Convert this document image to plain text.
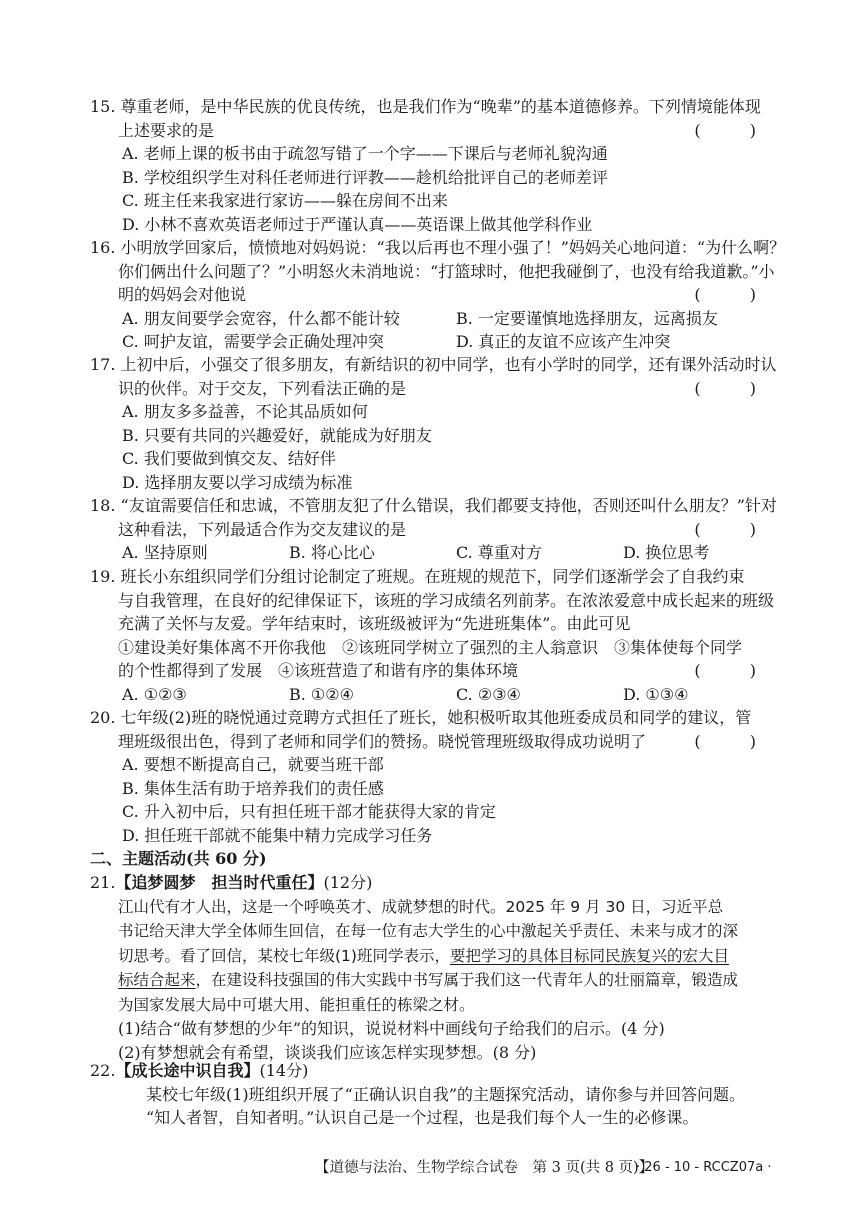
15. 尊重老师，是中华民族的优良传统，也是我们作为“晚辈”的基本道德修养。下列情境能体现
上述要求的是	( )
A. 老师上课的板书由于疏忽写错了一个字——下课后与老师礼貌沟通
B. 学校组织学生对科任老师进行评教——趁机给批评自己的老师差评
C. 班主任来我家进行家访——躲在房间不出来
D. 小林不喜欢英语老师过于严谨认真——英语课上做其他学科作业
16. 小明放学回家后，愤愤地对妈妈说：“我以后再也不理小强了！”妈妈关心地问道：“为什么啊？
你们俩出什么问题了？”小明怒火未消地说：“打篮球时，他把我碰倒了，也没有给我道歉。”小
明的妈妈会对他说	( )
A. 朋友间要学会宽容，什么都不能计较	B. 一定要谨慎地选择朋友，远离损友
C. 呵护友谊，需要学会正确处理冲突	D. 真正的友谊不应该产生冲突
17. 上初中后，小强交了很多朋友，有新结识的初中同学，也有小学时的同学，还有课外活动时认
识的伙伴。对于交友，下列看法正确的是	( )
A. 朋友多多益善，不论其品质如何
B. 只要有共同的兴趣爱好，就能成为好朋友
C. 我们要做到慎交友、结好伴
D. 选择朋友要以学习成绩为标准
18. “友谊需要信任和忠诚，不管朋友犯了什么错误，我们都要支持他，否则还叫什么朋友？”针对
这种看法，下列最适合作为交友建议的是	( )
A. 坚持原则	B. 将心比心	C. 尊重对方	D. 换位思考
19. 班长小东组织同学们分组讨论制定了班规。在班规的规范下，同学们逐渐学会了自我约束
与自我管理，在良好的纪律保证下，该班的学习成绩名列前茅。在浓浓爱意中成长起来的班级
充满了关怀与友爱。学年结束时，该班级被评为“先进班集体”。由此可见
①建设美好集体离不开你我他　②该班同学树立了强烈的主人翁意识　③集体使每个同学
的个性都得到了发展　④该班营造了和谐有序的集体环境	( )
A. ①②③	B. ①②④	C. ②③④	D. ①③④
20. 七年级(2)班的晓悦通过竞聘方式担任了班长，她积极听取其他班委成员和同学的建议，管
理班级很出色，得到了老师和同学们的赞扬。晓悦管理班级取得成功说明了	( )
A. 要想不断提高自己，就要当班干部
B. 集体生活有助于培养我们的责任感
C. 升入初中后，只有担任班干部才能获得大家的肯定
D. 担任班干部就不能集中精力完成学习任务
二、主题活动(共 60 分)
21.【追梦圆梦　担当时代重任】(12分)
江山代有才人出，这是一个呼唤英才、成就梦想的时代。2025 年 9 月 30 日，习近平总
书记给天津大学全体师生回信，在每一位有志大学生的心中激起关乎责任、未来与成才的深
切思考。看了回信，某校七年级(1)班同学表示，要把学习的具体目标同民族复兴的宏大目
标结合起来，在建设科技强国的伟大实践中书写属于我们这一代青年人的壮丽篇章，锻造成
为国家发展大局中可堪大用、能担重任的栋梁之材。
(1)结合“做有梦想的少年”的知识，说说材料中画线句子给我们的启示。(4 分)
(2)有梦想就会有希望，谈谈我们应该怎样实现梦想。(8 分)
22.【成长途中识自我】(14分)
某校七年级(1)班组织开展了“正确认识自我”的主题探究活动，请你参与并回答问题。
“知人者智，自知者明。”认识自己是一个过程，也是我们每个人一生的必修课。
【道德与法治、生物学综合试卷　第 3 页(共 8 页)】
· 26 - 10 - RCCZ07a ·
